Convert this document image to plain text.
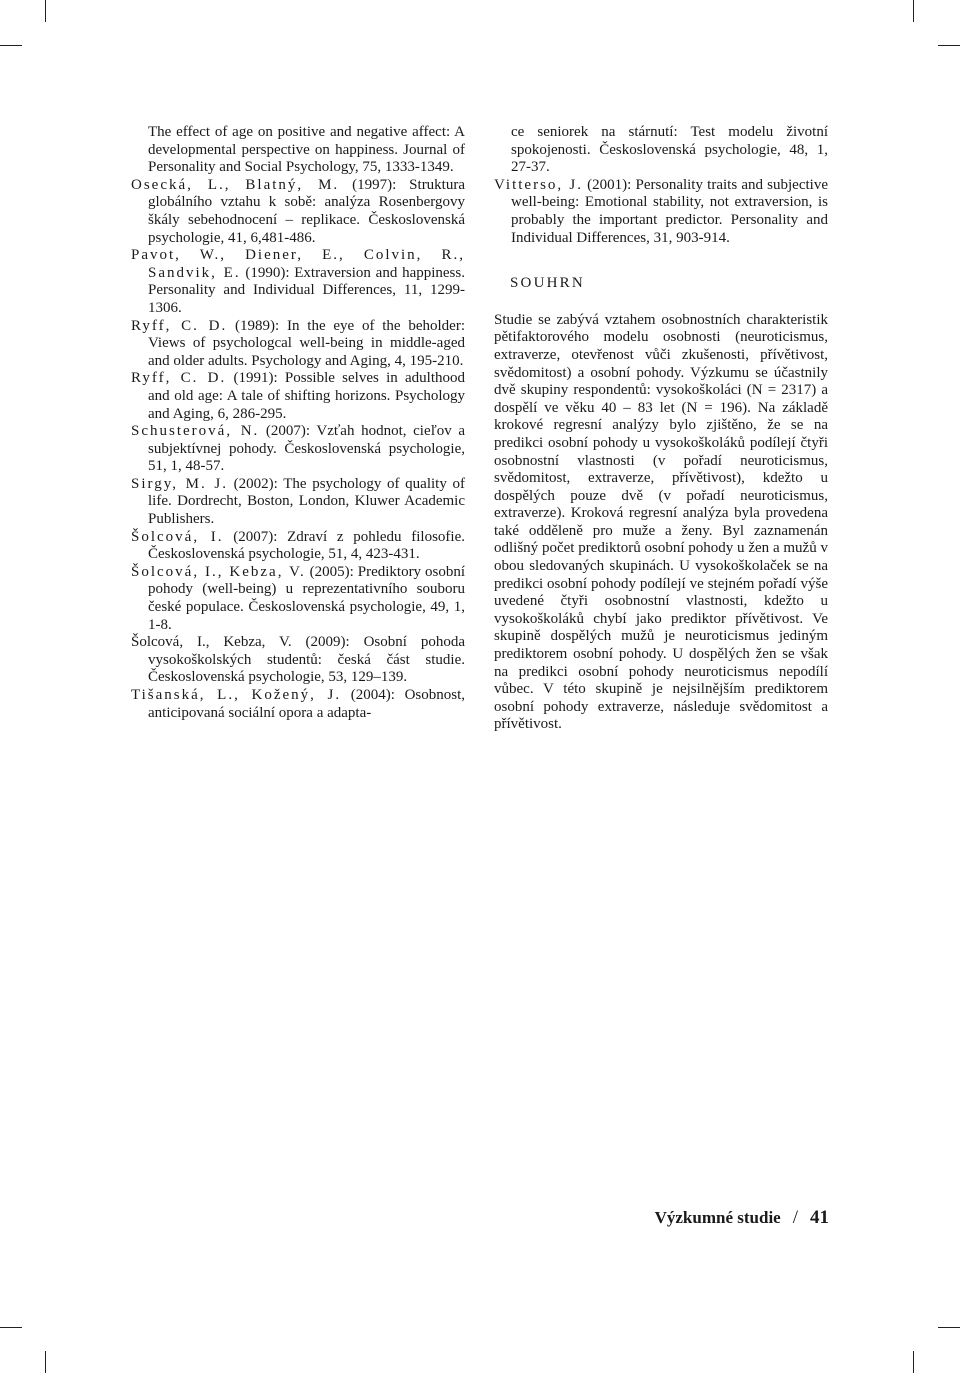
The effect of age on positive and negative affect: A developmental perspective on happiness. Journal of Personality and Social Psychology, 75, 1333-1349.
Osecká, L., Blatný, M. (1997): Struktura globálního vztahu k sobě: analýza Rosenbergovy škály sebehodnocení – replikace. Československá psychologie, 41, 6,481-486.
Pavot, W., Diener, E., Colvin, R., Sandvik, E. (1990): Extraversion and happiness. Personality and Individual Differences, 11, 1299-1306.
Ryff, C. D. (1989): In the eye of the beholder: Views of psychologcal well-being in middle-aged and older adults. Psychology and Aging, 4, 195-210.
Ryff, C. D. (1991): Possible selves in adulthood and old age: A tale of shifting horizons. Psychology and Aging, 6, 286-295.
Schusterová, N. (2007): Vzťah hodnot, cieľov a subjektívnej pohody. Československá psychologie, 51, 1, 48-57.
Sirgy, M. J. (2002): The psychology of quality of life. Dordrecht, Boston, London, Kluwer Academic Publishers.
Šolcová, I. (2007): Zdraví z pohledu filosofie. Československá psychologie, 51, 4, 423-431.
Šolcová, I., Kebza, V. (2005): Prediktory osobní pohody (well-being) u reprezentativního souboru české populace. Československá psychologie, 49, 1, 1-8.
Šolcová, I., Kebza, V. (2009): Osobní pohoda vysokoškolských studentů: česká část studie. Československá psychologie, 53, 129–139.
Tišanská, L., Kožený, J. (2004): Osobnost, anticipovaná sociální opora a adapta-
ce seniorek na stárnutí: Test modelu životní spokojenosti. Československá psychologie, 48, 1, 27-37.
Vitterso, J. (2001): Personality traits and subjective well-being: Emotional stability, not extraversion, is probably the important predictor. Personality and Individual Differences, 31, 903-914.
SOUHRN
Studie se zabývá vztahem osobnostních charakteristik pětifaktorového modelu osobnosti (neuroticismus, extraverze, otevřenost vůči zkušenosti, přívětivost, svědomitost) a osobní pohody. Výzkumu se účastnily dvě skupiny respondentů: vysokoškoláci (N = 2317) a dospělí ve věku 40 – 83 let (N = 196). Na základě krokové regresní analýzy bylo zjištěno, že se na predikci osobní pohody u vysokoškoláků podílejí čtyři osobnostní vlastnosti (v pořadí neuroticismus, svědomitost, extraverze, přívětivost), kdežto u dospělých pouze dvě (v pořadí neuroticismus, extraverze). Kroková regresní analýza byla provedena také odděleně pro muže a ženy. Byl zaznamenán odlišný počet prediktorů osobní pohody u žen a mužů v obou sledovaných skupinách. U vysokoškolaček se na predikci osobní pohody podílejí ve stejném pořadí výše uvedené čtyři osobnostní vlastnosti, kdežto u vysokoškoláků chybí jako prediktor přívětivost. Ve skupině dospělých mužů je neuroticismus jediným prediktorem osobní pohody. U dospělých žen se však na predikci osobní pohody neuroticismus nepodílí vůbec. V této skupině je nejsilnějším prediktorem osobní pohody extraverze, následuje svědomitost a přívětivost.
Výzkumné studie / 41
